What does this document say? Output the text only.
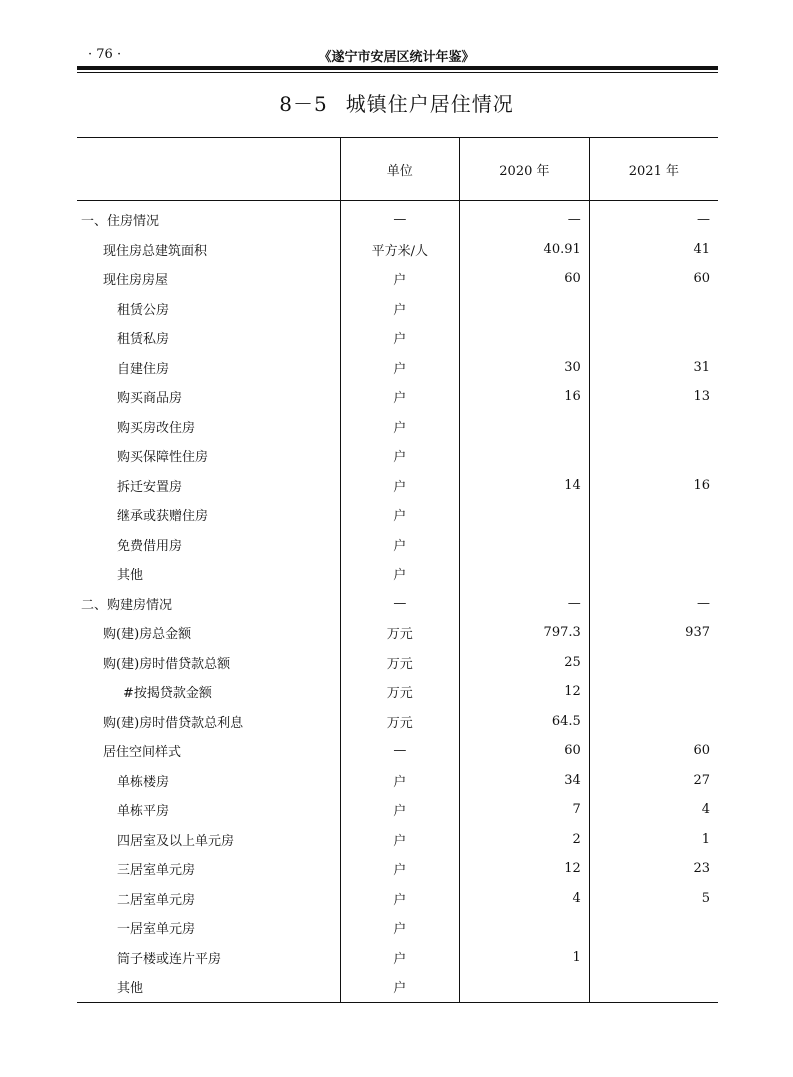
· 76 ·	《遂宁市安居区统计年鉴》
8－5 城镇住户居住情况
	单位	2020 年	2021 年
一、住房情况	—	—	—
现住房总建筑面积	平方米/人	40.91	41
现住房房屋	户	60	60
租赁公房	户		
租赁私房	户		
自建住房	户	30	31
购买商品房	户	16	13
购买房改住房	户		
购买保障性住房	户		
拆迁安置房	户	14	16
继承或获赠住房	户		
免费借用房	户		
其他	户		
二、购建房情况	—	—	—
购(建)房总金额	万元	797.3	937
购(建)房时借贷款总额	万元	25	
#按揭贷款金额	万元	12	
购(建)房时借贷款总利息	万元	64.5	
居住空间样式	—	60	60
单栋楼房	户	34	27
单栋平房	户	7	4
四居室及以上单元房	户	2	1
三居室单元房	户	12	23
二居室单元房	户	4	5
一居室单元房	户		
筒子楼或连片平房	户	1	
其他	户		
